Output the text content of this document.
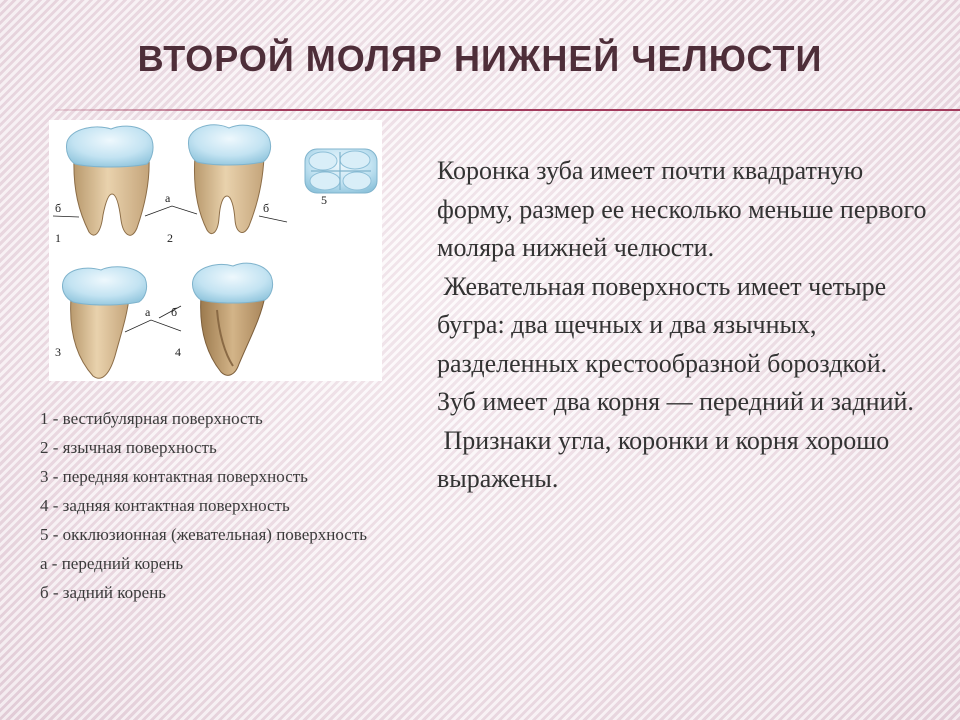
ВТОРОЙ МОЛЯР НИЖНЕЙ ЧЕЛЮСТИ
б
1
а
2
б
5
а б
3	4
1 - вестибулярная поверхность
2 - язычная поверхность
3 - передняя контактная поверхность
4 - задняя контактная поверхность
5 - окклюзионная (жевательная) поверхность
а - передний корень
б - задний корень
Коронка зуба имеет почти квадратную форму, размер ее несколько меньше первого моляра нижней челюсти.
Жевательная поверхность имеет четыре бугра: два щечных и два язычных, разделенных крестообразной бороздкой.
Зуб имеет два корня — передний и задний.
Признаки угла, коронки и корня хорошо выражены.
